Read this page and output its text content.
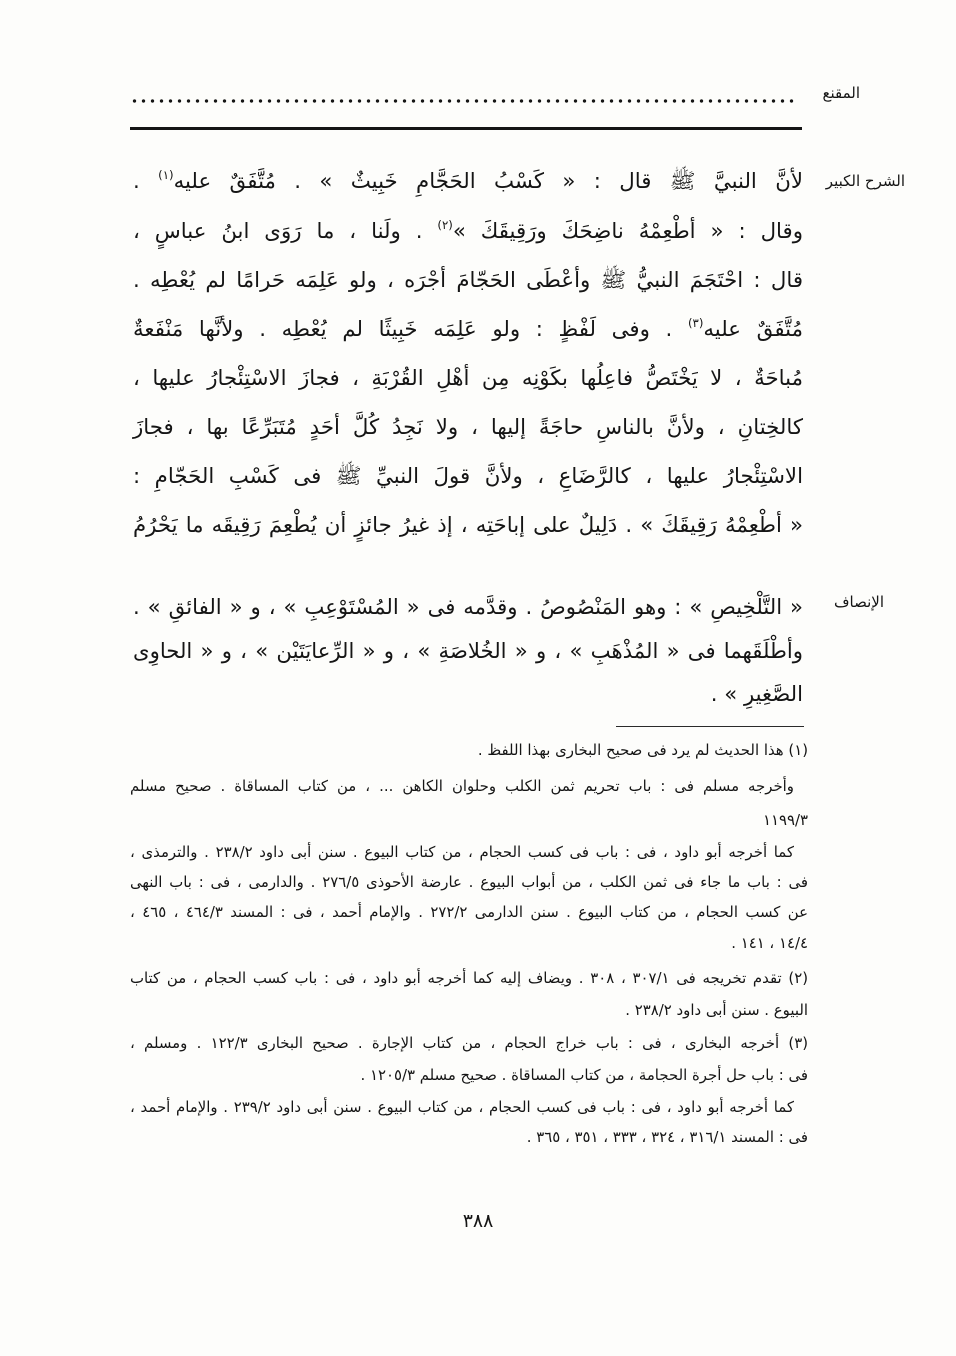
المقنع
الشرح الكبير
الإنصاف
لأنَّ النبيَّ ﷺ قال : « كَسْبُ الحَجَّامِ خَبِيثٌ » . مُتَّفَقٌ عليه$^{(١)}$ .
وقال : « أطْعِمْهُ ناضِحَكَ ورَقِيقَكَ »$^{(٢)}$ . ولَنا ، ما رَوَى ابنُ عباسٍ ،
قال : احْتَجَمَ النبيُّ ﷺ وأعْطَى الحَجّامَ أجْرَه ، ولو عَلِمَه حَرامًا لم يُعْطِه .
مُتَّفَقٌ عليه$^{(٣)}$ . وفى لَفْظٍ : ولو عَلِمَه خَبِيثًا لم يُعْطِه . ولأنَّها مَنْفَعةٌ
مُباحَةٌ ، لا يَخْتَصُّ فاعِلُها بكَوْنِه مِن أهْلِ القُرْبَةِ ، فجازَ الاسْتِئْجارُ عليها ،
كالخِتانِ ، ولأنَّ بالناسِ حاجَةً إليها ، ولا نَجِدُ كُلَّ أحَدٍ مُتَبَرِّعًا بها ، فجازَ
الاسْتِئْجارُ عليها ، كالرَّضَاعِ ، ولأنَّ قولَ النبيِّ ﷺ فى كَسْبِ الحَجّامِ :
« أطْعِمْهُ رَقِيقَكَ » . دَلِيلٌ على إباحَتِه ، إذ غيرُ جائزٍ أن يُطْعِمَ رَقِيقَه ما يَحْرُمُ
« التَّلْخِيصِ » : وهو المَنْصُوصُ . وقدَّمه فى « المُسْتَوْعِبِ » ، و « الفائقِ » .
وأطْلَقَهما فى « المُذْهَبِ » ، و « الخُلاصَةِ » ، و « الرِّعايَتَيْن » ، و « الحاوِى
الصَّغِيرِ » .
(١) هذا الحديث لم يرد فى صحيح البخارى بهذا اللفظ .
وأخرجه مسلم فى : باب تحريم ثمن الكلب وحلوان الكاهن ... ، من كتاب المساقاة . صحيح مسلم
١١٩٩/٣
كما أخرجه أبو داود ، فى : باب فى كسب الحجام ، من كتاب البيوع . سنن أبى داود ٢٣٨/٢ . والترمذى ،
فى : باب ما جاء فى ثمن الكلب ، من أبواب البيوع . عارضة الأحوذى ٢٧٦/٥ . والدارمى ، فى : باب النهى
عن كسب الحجام ، من كتاب البيوع . سنن الدارمى ٢٧٢/٢ . والإمام أحمد ، فى : المسند ٤٦٤/٣ ، ٤٦٥ ،
١٤/٤ ، ١٤١ .
(٢) تقدم تخريجه فى ٣٠٧/١ ، ٣٠٨ . ويضاف إليه كما أخرجه أبو داود ، فى : باب كسب الحجام ، من كتاب
البيوع . سنن أبى داود ٢٣٨/٢ .
(٣) أخرجه البخارى ، فى : باب خراج الحجام ، من كتاب الإجارة . صحيح البخارى ١٢٢/٣ . ومسلم ،
فى : باب حل أجرة الحجامة ، من كتاب المساقاة . صحيح مسلم ١٢٠٥/٣ .
كما أخرجه أبو داود ، فى : باب فى كسب الحجام ، من كتاب البيوع . سنن أبى داود ٢٣٩/٢ . والإمام أحمد ،
فى : المسند ٣١٦/١ ، ٣٢٤ ، ٣٣٣ ، ٣٥١ ، ٣٦٥ .
٣٨٨
